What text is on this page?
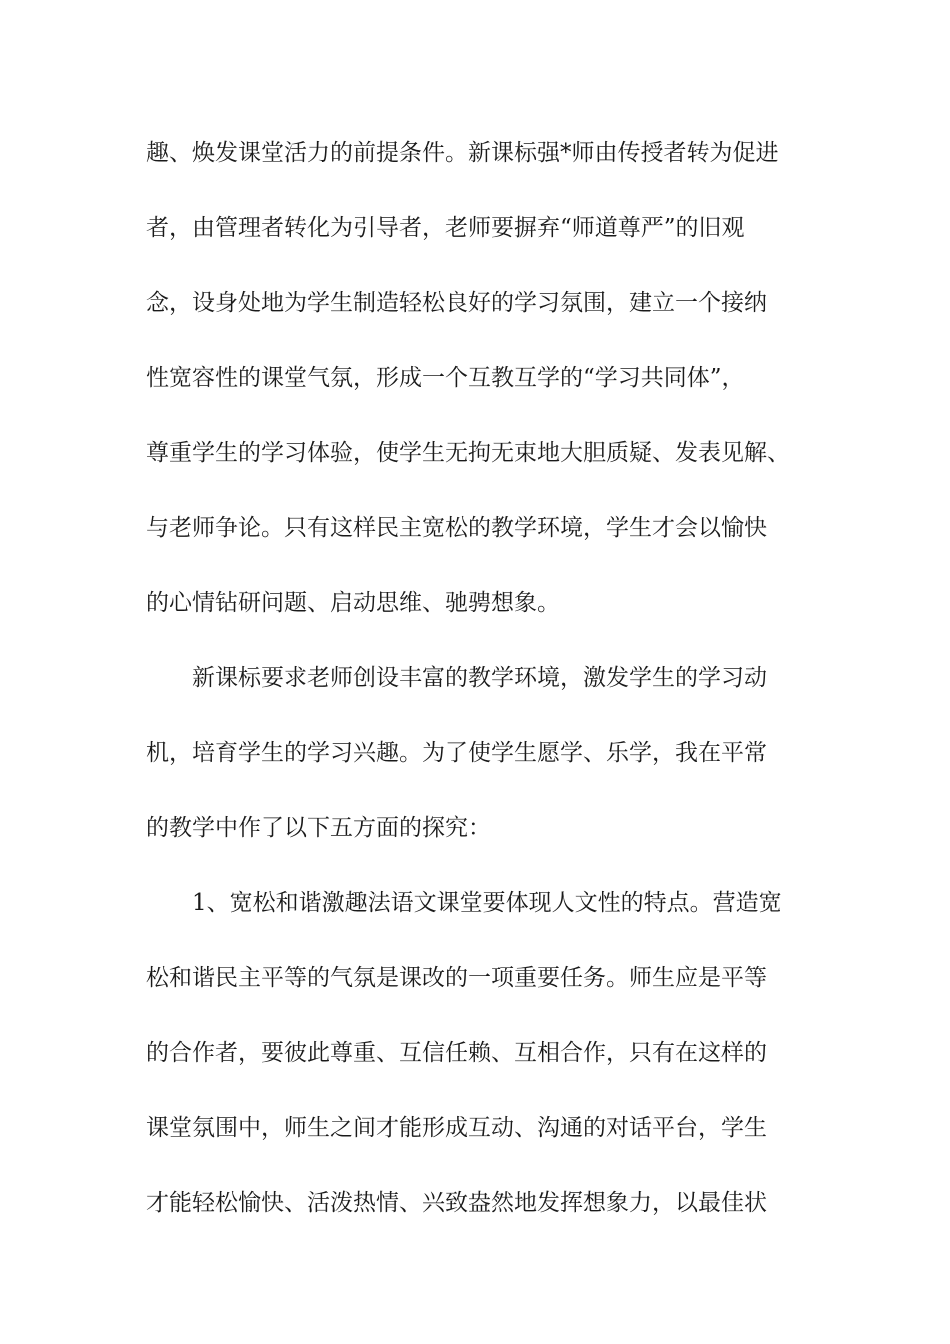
趣、焕发课堂活力的前提条件。新课标强*师由传授者转为促进
者，由管理者转化为引导者，老师要摒弃“师道尊严”的旧观
念，设身处地为学生制造轻松良好的学习氛围，建立一个接纳
性宽容性的课堂气氛，形成一个互教互学的“学习共同体”，
尊重学生的学习体验，使学生无拘无束地大胆质疑、发表见解、
与老师争论。只有这样民主宽松的教学环境，学生才会以愉快
的心情钻研问题、启动思维、驰骋想象。
新课标要求老师创设丰富的教学环境，激发学生的学习动
机，培育学生的学习兴趣。为了使学生愿学、乐学，我在平常
的教学中作了以下五方面的探究：
1、宽松和谐激趣法语文课堂要体现人文性的特点。营造宽
松和谐民主平等的气氛是课改的一项重要任务。师生应是平等
的合作者，要彼此尊重、互信任赖、互相合作，只有在这样的
课堂氛围中，师生之间才能形成互动、沟通的对话平台，学生
才能轻松愉快、活泼热情、兴致盎然地发挥想象力，以最佳状
